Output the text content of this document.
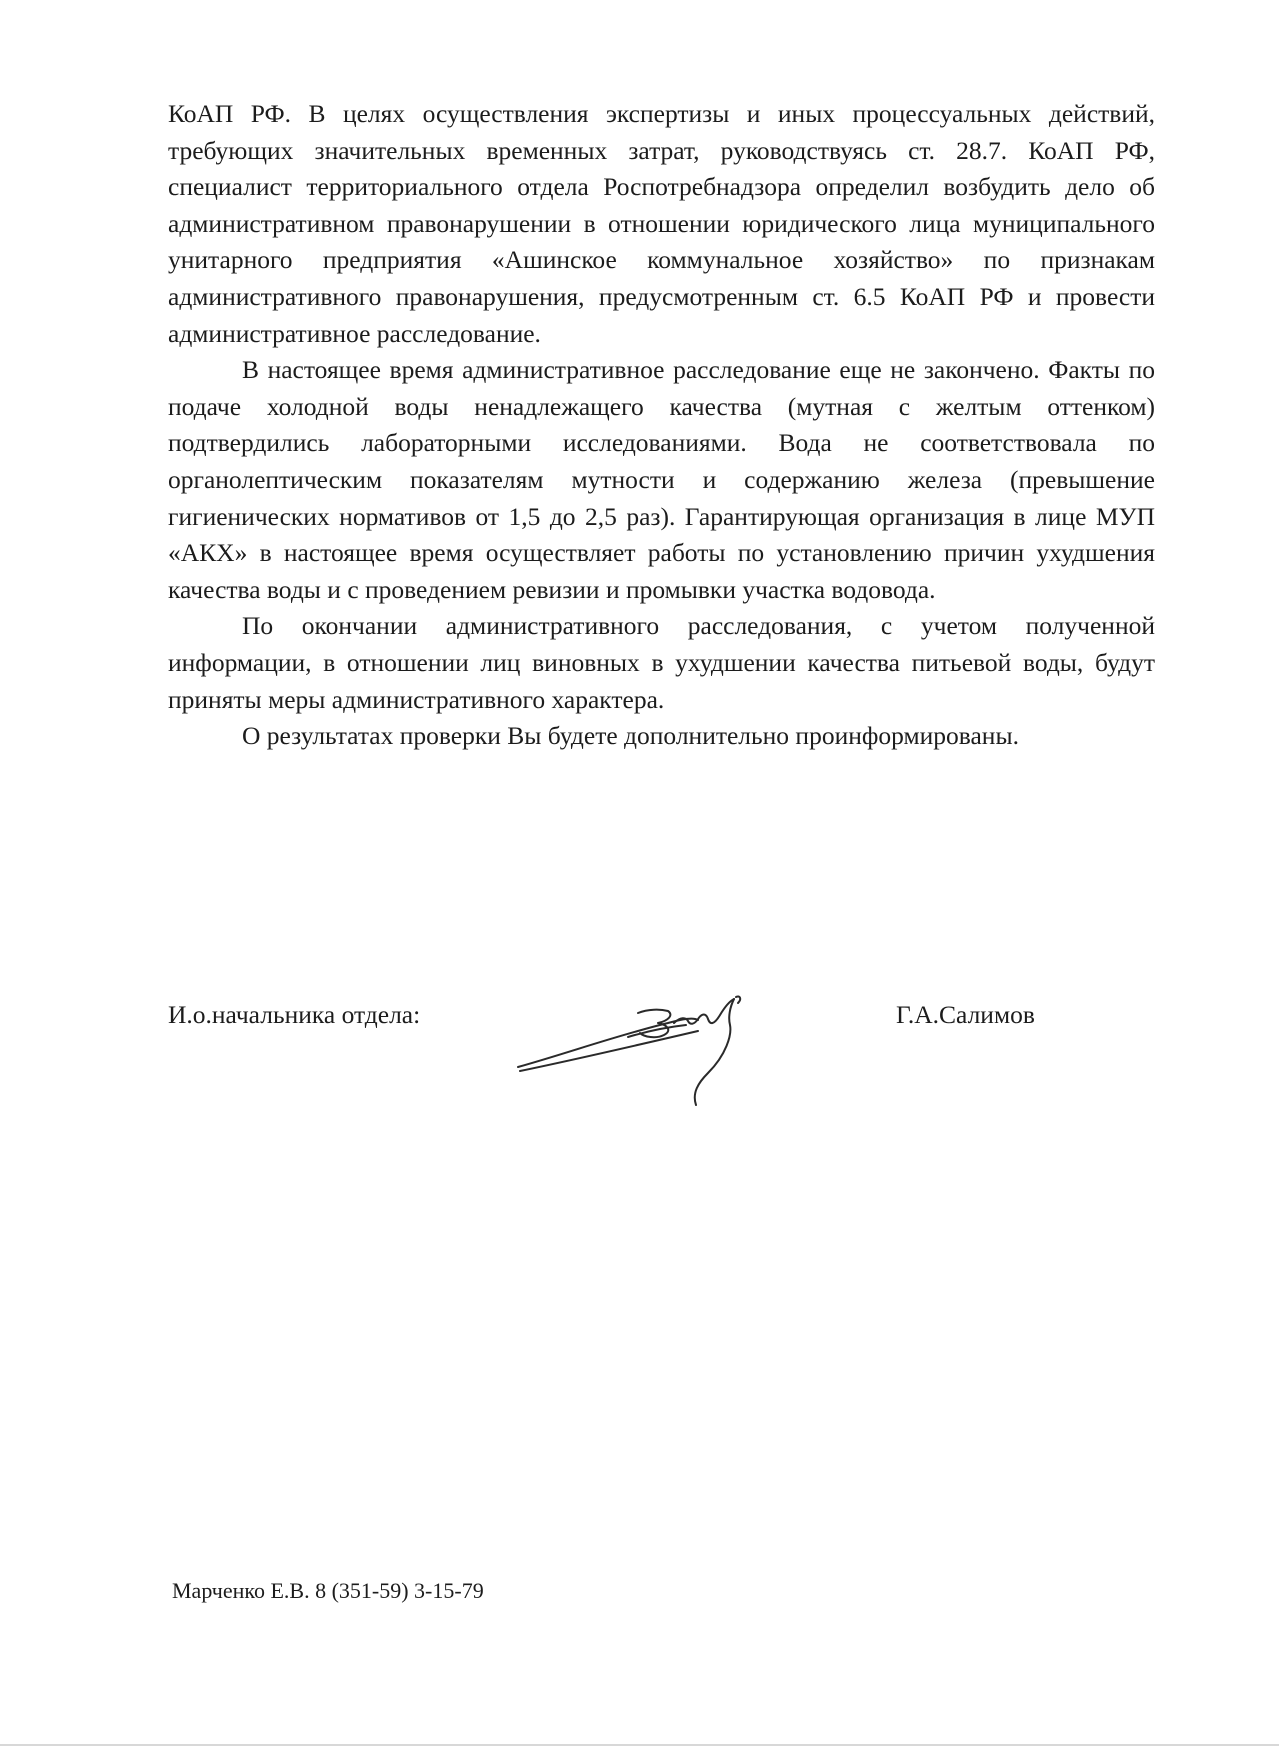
КоАП РФ. В целях осуществления экспертизы и иных процессуальных действий, требующих значительных временных затрат, руководствуясь ст. 28.7. КоАП РФ, специалист территориального отдела Роспотребнадзора определил возбудить дело об административном правонарушении в отношении юридического лица муниципального унитарного предприятия «Ашинское коммунальное хозяйство» по признакам административного правонарушения, предусмотренным ст. 6.5 КоАП РФ и провести административное расследование.

В настоящее время административное расследование еще не закончено. Факты по подаче холодной воды ненадлежащего качества (мутная с желтым оттенком) подтвердились лабораторными исследованиями. Вода не соответствовала по органолептическим показателям мутности и содержанию железа (превышение гигиенических нормативов от 1,5 до 2,5 раз). Гарантирующая организация в лице МУП «АКХ» в настоящее время осуществляет работы по установлению причин ухудшения качества воды и с проведением ревизии и промывки участка водовода.

По окончании административного расследования, с учетом полученной информации, в отношении лиц виновных в ухудшении качества питьевой воды, будут приняты меры административного характера.

О результатах проверки Вы будете дополнительно проинформированы.

И.о.начальника отдела:	Г.А.Салимов
Марченко Е.В. 8 (351-59) 3-15-79
